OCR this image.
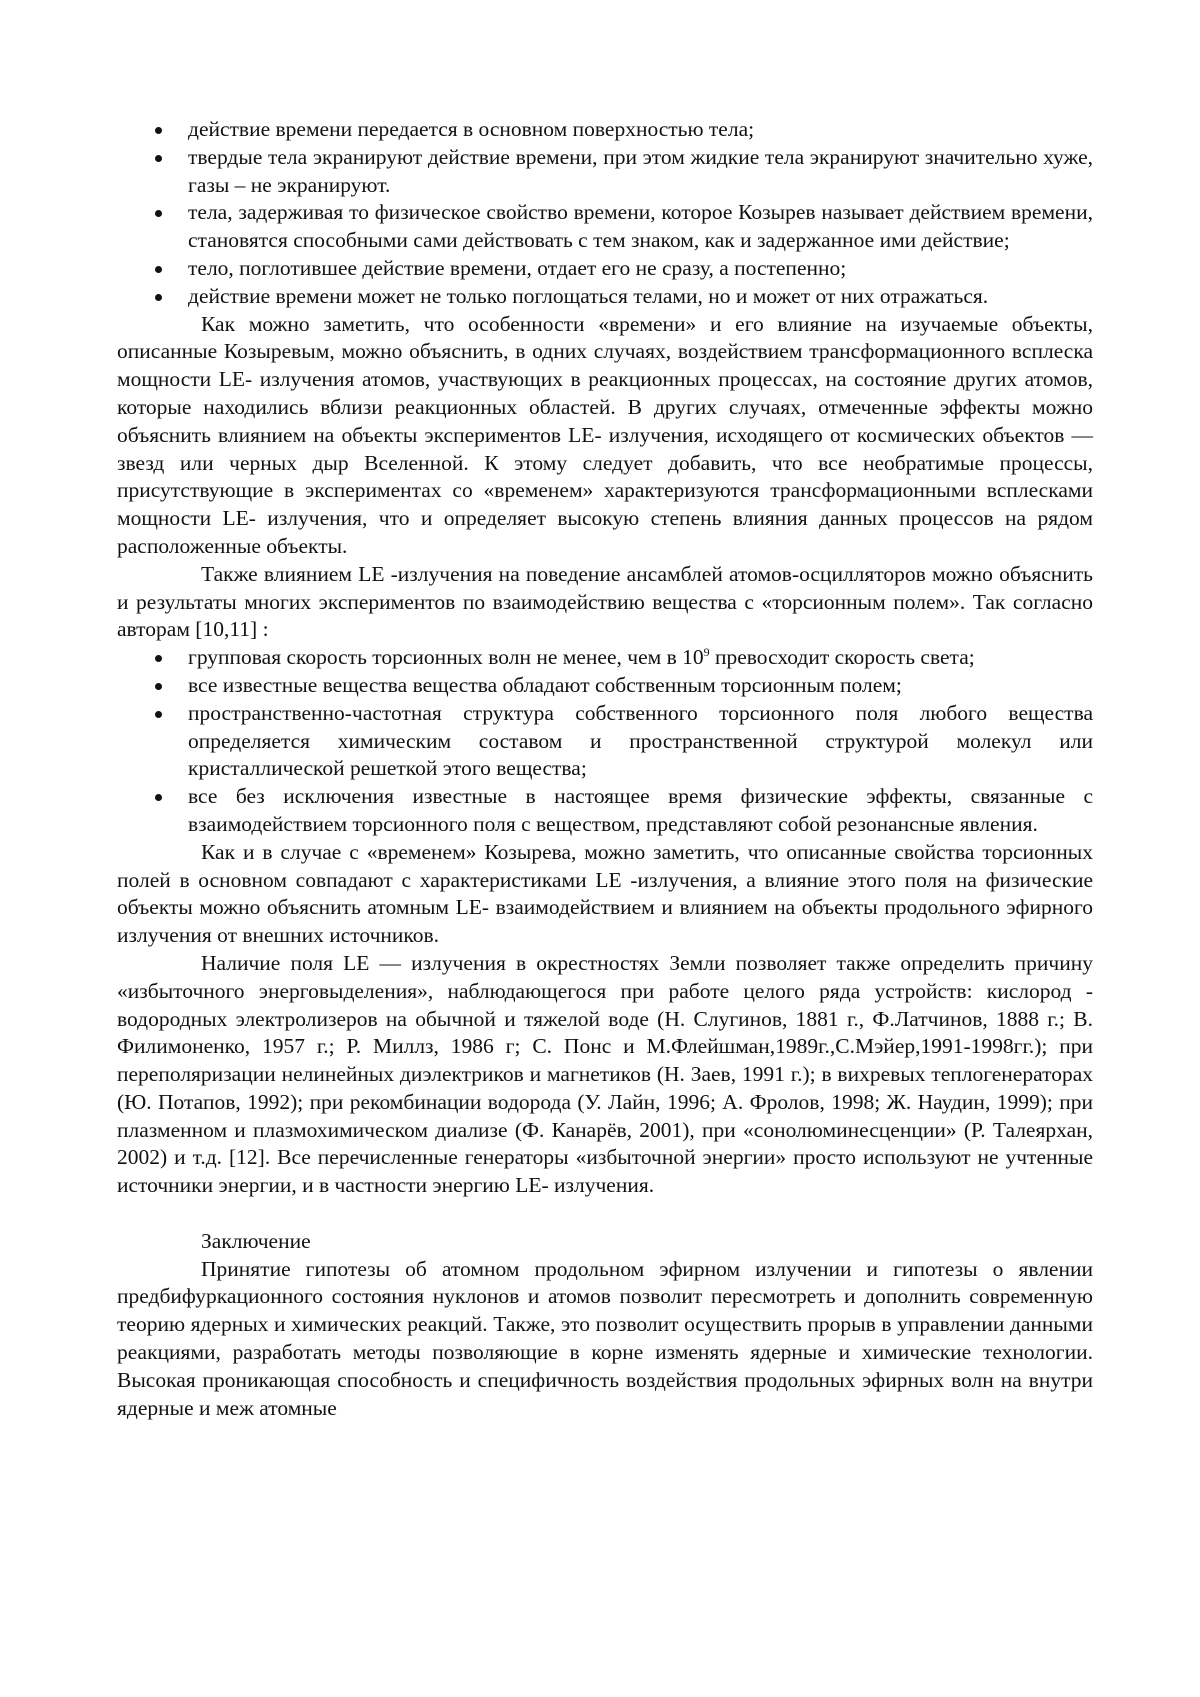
действие времени передается в основном поверхностью тела;
твердые тела экранируют действие времени, при этом жидкие тела экранируют значительно хуже, газы – не экранируют.
тела, задерживая то физическое свойство времени, которое Козырев называет действием времени, становятся способными сами действовать с тем знаком, как и задержанное ими действие;
тело, поглотившее действие времени, отдает его не сразу, а постепенно;
действие времени может не только поглощаться телами, но и может от них отражаться.

Как можно заметить, что особенности «времени» и его влияние на изучаемые объекты, описанные Козыревым, можно объяснить, в одних случаях, воздействием трансформационного всплеска мощности LE- излучения атомов, участвующих в реакционных процессах, на состояние других атомов, которые находились вблизи реакционных областей. В других случаях, отмеченные эффекты можно объяснить влиянием на объекты экспериментов LE- излучения, исходящего от космических объектов — звезд или черных дыр Вселенной. К этому следует добавить, что все необратимые процессы, присутствующие в экспериментах со «временем» характеризуются трансформационными всплесками мощности LE- излучения, что и определяет высокую степень влияния данных процессов на рядом расположенные объекты.

Также влиянием LE -излучения на поведение ансамблей атомов-осцилляторов можно объяснить и результаты многих экспериментов по взаимодействию вещества с «торсионным полем». Так согласно авторам [10,11] :

групповая скорость торсионных волн не менее, чем в $10^9$ превосходит скорость света;
все известные вещества вещества обладают собственным торсионным полем;
пространственно-частотная структура собственного торсионного поля любого вещества определяется химическим составом и пространственной структурой молекул или кристаллической решеткой этого вещества;
все без исключения известные в настоящее время физические эффекты, связанные с взаимодействием торсионного поля с веществом, представляют собой резонансные явления.

Как и в случае с «временем» Козырева, можно заметить, что описанные свойства торсионных полей в основном совпадают с характеристиками LE -излучения, а влияние этого поля на физические объекты можно объяснить атомным LE- взаимодействием и влиянием на объекты продольного эфирного излучения от внешних источников.

Наличие поля LE — излучения в окрестностях Земли позволяет также определить причину «избыточного энерговыделения», наблюдающегося при работе целого ряда устройств: кислород - водородных электролизеров на обычной и тяжелой воде (Н. Слугинов, 1881 г., Ф.Латчинов, 1888 г.; В. Филимоненко, 1957 г.; Р. Миллз, 1986 г; С. Понс и М.Флейшман,1989г.,С.Мэйер,1991-1998гг.); при переполяризации нелинейных диэлектриков и магнетиков (Н. Заев, 1991 г.); в вихревых теплогенераторах (Ю. Потапов, 1992); при рекомбинации водорода (У. Лайн, 1996; А. Фролов, 1998; Ж. Наудин, 1999); при плазменном и плазмохимическом диализе (Ф. Канарёв, 2001), при «сонолюминесценции» (Р. Талеярхан, 2002) и т.д. [12]. Все перечисленные генераторы «избыточной энергии» просто используют не учтенные источники энергии, и в частности энергию LE- излучения.

Заключение

Принятие гипотезы об атомном продольном эфирном излучении и гипотезы о явлении предбифуркационного состояния нуклонов и атомов позволит пересмотреть и дополнить современную теорию ядерных и химических реакций. Также, это позволит осуществить прорыв в управлении данными реакциями, разработать методы позволяющие в корне изменять ядерные и химические технологии. Высокая проникающая способность и специфичность воздействия продольных эфирных волн на внутри ядерные и меж атомные
